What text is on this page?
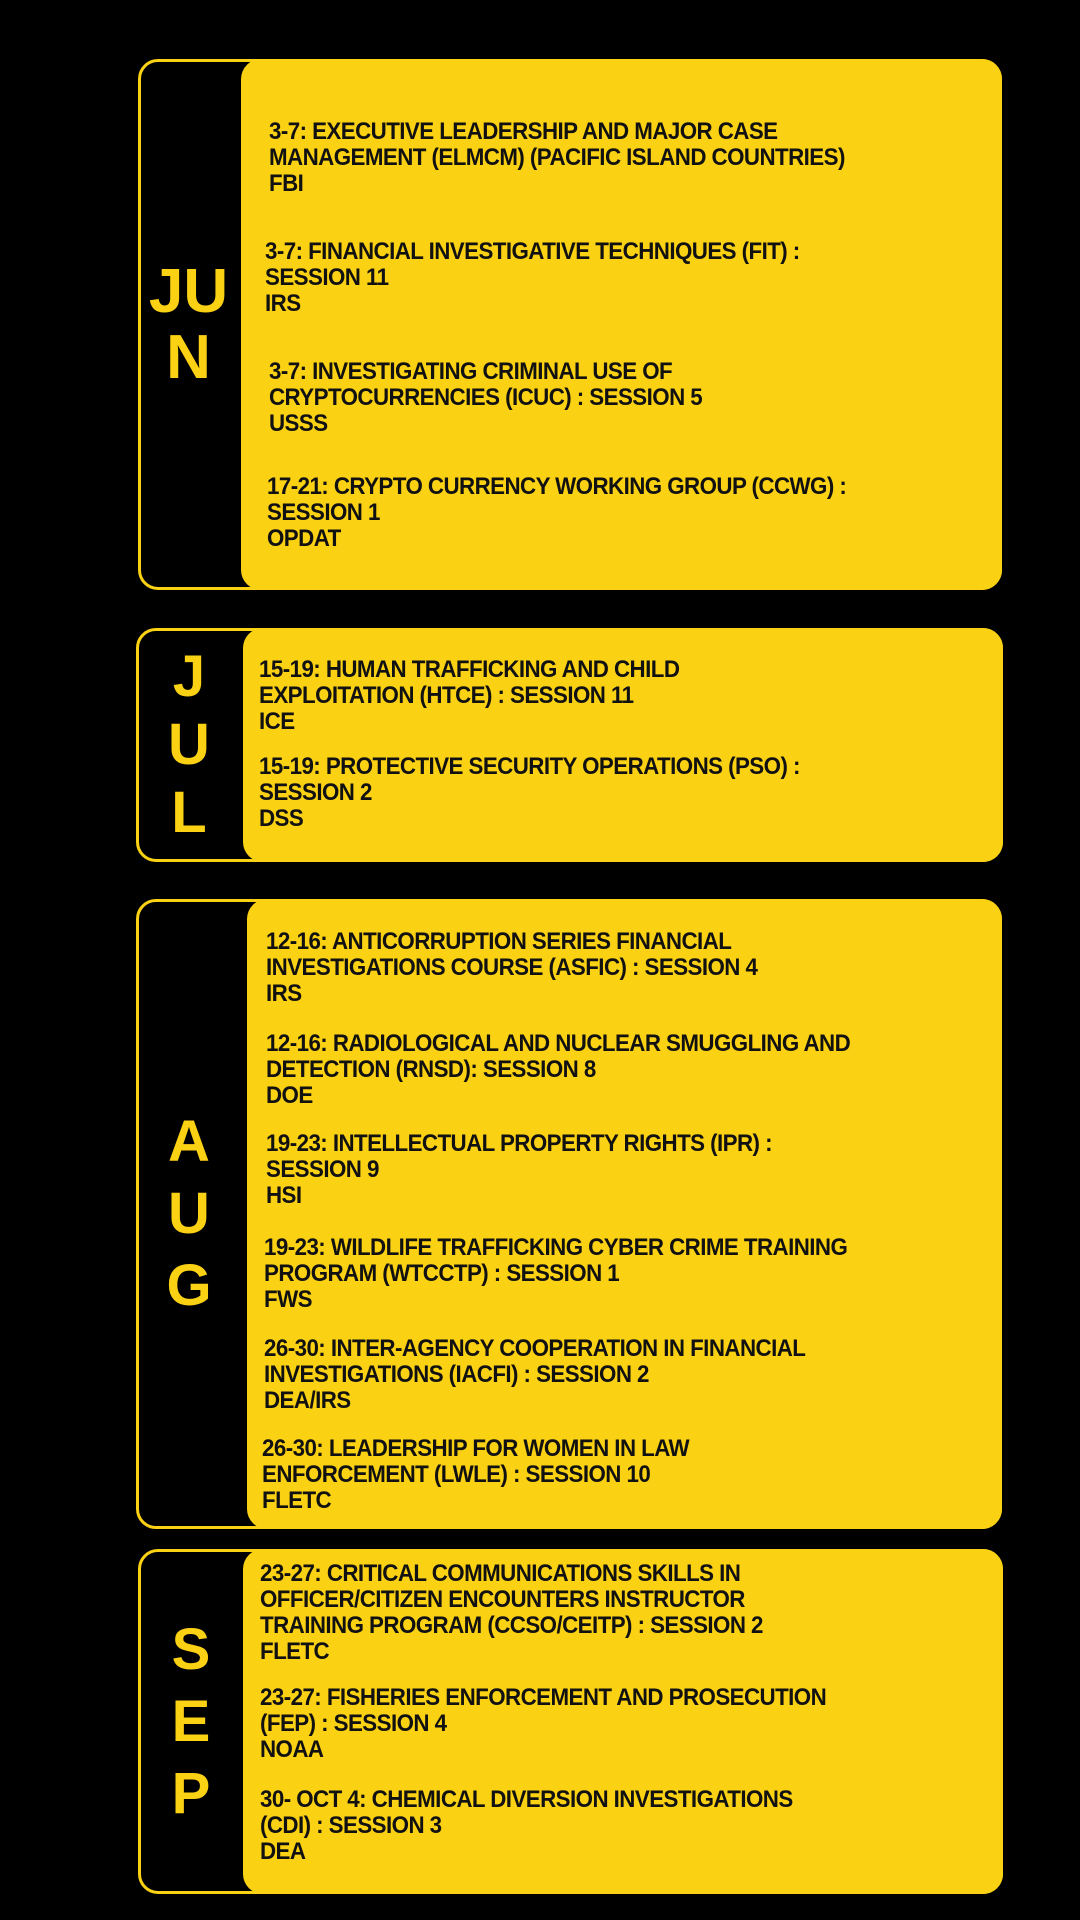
JU
N
3-7: EXECUTIVE LEADERSHIP AND MAJOR CASE
MANAGEMENT (ELMCM) (PACIFIC ISLAND COUNTRIES)
FBI
3-7: FINANCIAL INVESTIGATIVE TECHNIQUES (FIT) :
SESSION 11
IRS
3-7: INVESTIGATING CRIMINAL USE OF
CRYPTOCURRENCIES (ICUC) : SESSION 5
USSS
17-21: CRYPTO CURRENCY WORKING GROUP (CCWG) :
SESSION 1
OPDAT
J
U
L
15-19: HUMAN TRAFFICKING AND CHILD
EXPLOITATION (HTCE) : SESSION 11
ICE
15-19: PROTECTIVE SECURITY OPERATIONS (PSO) :
SESSION 2
DSS
A
U
G
12-16: ANTICORRUPTION SERIES FINANCIAL
INVESTIGATIONS COURSE (ASFIC) : SESSION 4
IRS
12-16: RADIOLOGICAL AND NUCLEAR SMUGGLING AND
DETECTION (RNSD): SESSION 8
DOE
19-23: INTELLECTUAL PROPERTY RIGHTS (IPR) :
SESSION 9
HSI
19-23: WILDLIFE TRAFFICKING CYBER CRIME TRAINING
PROGRAM (WTCCTP) : SESSION 1
FWS
26-30: INTER-AGENCY COOPERATION IN FINANCIAL
INVESTIGATIONS (IACFI) : SESSION 2
DEA/IRS
26-30: LEADERSHIP FOR WOMEN IN LAW
ENFORCEMENT (LWLE) : SESSION 10
FLETC
S
E
P
23-27: CRITICAL COMMUNICATIONS SKILLS IN
OFFICER/CITIZEN ENCOUNTERS INSTRUCTOR
TRAINING PROGRAM (CCSO/CEITP) : SESSION 2
FLETC
23-27: FISHERIES ENFORCEMENT AND PROSECUTION
(FEP) : SESSION 4
NOAA
30- OCT 4: CHEMICAL DIVERSION INVESTIGATIONS
(CDI) : SESSION 3
DEA
